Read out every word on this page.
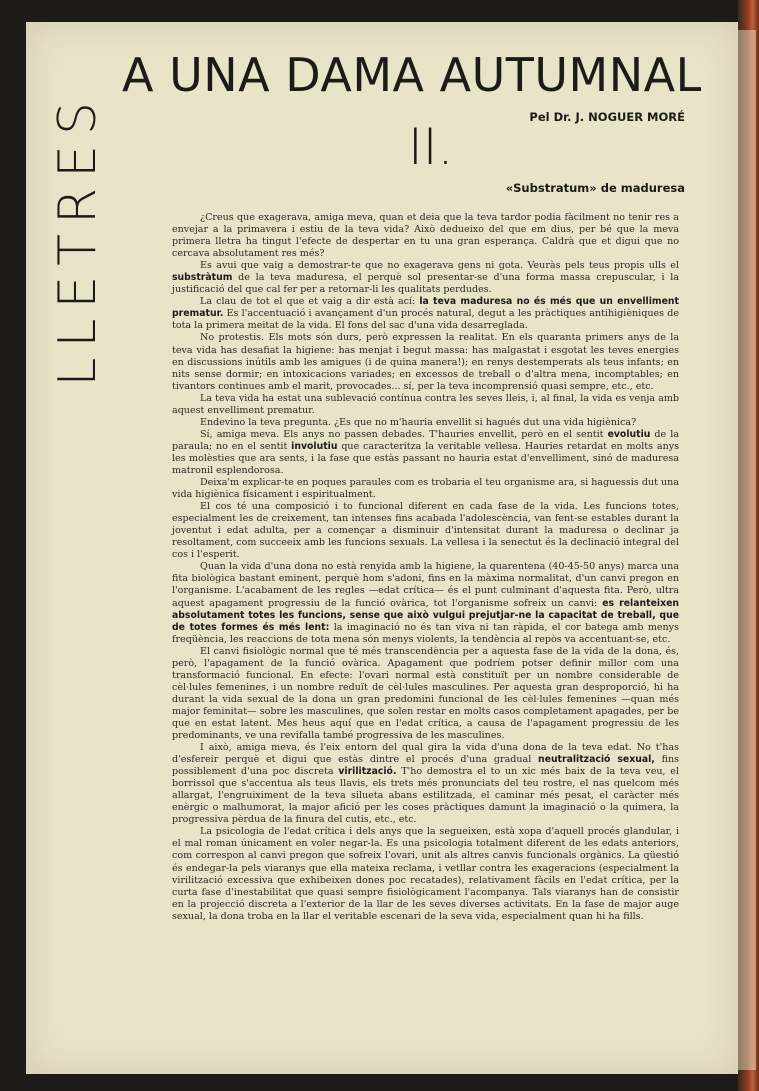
LLETRES
A UNA DAMA AUTUMNAL
Pel Dr. J. NOGUER MORÉ
II.
«Substratum» de maduresa

¿Creus que exagerava, amiga meva, quan et deia que la teva tardor podia fàcilment no tenir res a envejar a la primavera i estiu de la teva vida? Això dedueixo del que em dius, per bé que la meva primera lletra ha tingut l'efecte de despertar en tu una gran esperança. Caldrà que et digui que no cercava absolutament res més?

Es avui que vaig a demostrar-te que no exagerava gens ni gota. Veuràs pels teus propis ulls el substràtum de la teva maduresa, el perquè sol presentar-se d'una forma massa crepuscular, i la justificació del que cal fer per a retornar-li les qualitats perdudes.

La clau de tot el que et vaig a dir està ací: la teva maduresa no és més que un envelliment prematur. Es l'accentuació i avançament d'un procés natural, degut a les pràctiques antihigièniques de tota la primera meitat de la vida. El fons del sac d'una vida desarreglada.

No protestis. Els mots són durs, però expressen la realitat. En els quaranta primers anys de la teva vida has desafiat la higiene: has menjat i begut massa: has malgastat i esgotat les teves energies en discussions inútils amb les amigues (i de quina manera!); en renys destemperats als teus infants; en nits sense dormir; en intoxicacions variades; en excessos de treball o d'altra mena, incomptables; en tivantors continues amb el marit, provocades... sí, per la teva incomprensió quasi sempre, etc., etc.

La teva vida ha estat una sublevació contínua contra les seves lleis, i, al final, la vida es venja amb aquest envelliment prematur.

Endevino la teva pregunta. ¿Es que no m'hauria envellit si hagués dut una vida higiènica?

Sí, amiga meva. Els anys no passen debades. T'hauries envellit, però en el sentit evolutiu de la paraula; no en el sentit involutiu que caracteritza la veritable vellesa. Hauries retardat en molts anys les molèsties que ara sents, i la fase que estàs passant no hauria estat d'envelliment, sinó de maduresa matronil esplendorosa.

Deixa'm explicar-te en poques paraules com es trobaria el teu organisme ara, si haguessis dut una vida higiènica físicament i espiritualment.

El cos té una composició i to funcional diferent en cada fase de la vida. Les funcions totes, especialment les de creixement, tan intenses fins acabada l'adolescència, van fent-se estables durant la joventut i edat adulta, per a començar a disminuir d'intensitat durant la maduresa o declinar ja resoltament, com succeeix amb les funcions sexuals. La vellesa i la senectut és la declinació integral del cos i l'esperit.

Quan la vida d'una dona no està renyida amb la higiene, la quarentena (40-45-50 anys) marca una fita biològica bastant eminent, perquè hom s'adoni, fins en la màxima normalitat, d'un canvi pregon en l'organisme. L'acabament de les regles —edat crítica— és el punt culminant d'aquesta fita. Però, ultra aquest apagament progressiu de la funció ovàrica, tot l'organisme sofreix un canvi: es relanteixen absolutament totes les funcions, sense que això vulgui prejutjar-ne la capacitat de treball, que de totes formes és més lent: la imaginació no és tan viva ni tan ràpida, el cor batega amb menys freqüència, les reaccions de tota mena són menys violents, la tendència al repòs va accentuant-se, etc.

El canvi fisiològic normal que té més transcendència per a aquesta fase de la vida de la dona, és, però, l'apagament de la funció ovàrica. Apagament que podríem potser definir millor com una transformació funcional. En efecte: l'ovari normal està constituït per un nombre considerable de cèl·lules femenines, i un nombre reduït de cèl·lules masculines. Per aquesta gran desproporció, hi ha durant la vida sexual de la dona un gran predomini funcional de les cèl·lules femenines —quan més major feminitat— sobre les masculines, que solen restar en molts casos completament apagades, per be que en estat latent. Mes heus aquí que en l'edat crítica, a causa de l'apagament progressiu de les predominants, ve una revifalla també progressiva de les masculines.

I això, amiga meva, és l'eix entorn del qual gira la vida d'una dona de la teva edat. No t'has d'esfereir perquè et digui que estàs dintre el procés d'una gradual neutralització sexual, fins possiblement d'una poc discreta virilització. T'ho demostra el to un xic més baix de la teva veu, el borrissol que s'accentua als teus llavis, els trets més pronunciats del teu rostre, el nas quelcom més allargat, l'engruiximent de la teva silueta abans estilitzada, el caminar més pesat, el caràcter més enèrgic o malhumorat, la major afició per les coses pràctiques damunt la imaginació o la quimera, la progressiva pèrdua de la finura del cutis, etc., etc.

La psicologia de l'edat crítica i dels anys que la segueixen, està xopa d'aquell procés glandular, i el mal roman únicament en voler negar-la. Es una psicologia totalment diferent de les edats anteriors, com correspon al canvi pregon que sofreix l'ovari, unit als altres canvis funcionals orgànics. La qüestió és endegar-la pels viaranys que ella mateixa reclama, i vetllar contra les exageracions (especialment la virilització excessiva que exhibeixen dones poc recatades), relativament fàcils en l'edat crítica, per la curta fase d'inestabilitat que quasi sempre fisiològicament l'acompanya. Tals viaranys han de consistir en la projecció discreta a l'exterior de la llar de les seves diverses activitats. En la fase de major auge sexual, la dona troba en la llar el veritable escenari de la seva vida, especialment quan hi ha fills.
